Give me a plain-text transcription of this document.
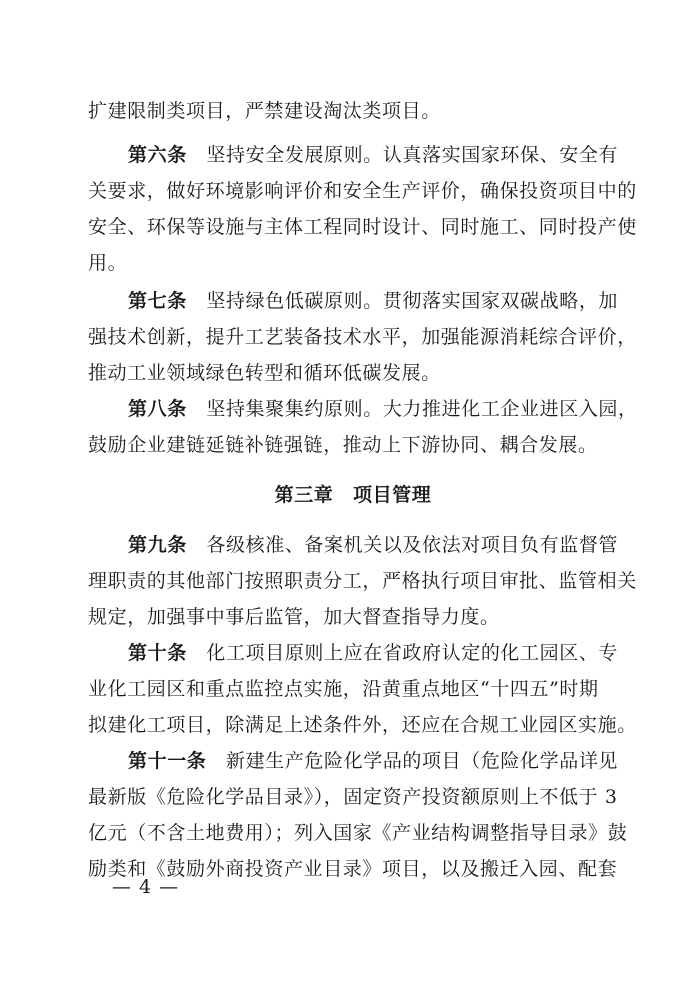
扩建限制类项目，严禁建设淘汰类项目。
第六条　 坚持安全发展原则。认真落实国家环保、安全有
关要求，做好环境影响评价和安全生产评价，确保投资项目中的
安全、环保等设施与主体工程同时设计、同时施工、同时投产使
用。
第七条　 坚持绿色低碳原则。贯彻落实国家双碳战略，加
强技术创新，提升工艺装备技术水平，加强能源消耗综合评价，
推动工业领域绿色转型和循环低碳发展。
第八条　 坚持集聚集约原则。大力推进化工企业进区入园，
鼓励企业建链延链补链强链，推动上下游协同、耦合发展。
第三章　项目管理
第九条　 各级核准、备案机关以及依法对项目负有监督管
理职责的其他部门按照职责分工，严格执行项目审批、监管相关
规定，加强事中事后监管，加大督查指导力度。
第十条　 化工项目原则上应在省政府认定的化工园区、专
业化工园区和重点监控点实施，沿黄重点地区“十四五”时期
拟建化工项目，除满足上述条件外，还应在合规工业园区实施。
第十一条　 新建生产危险化学品的项目（危险化学品详见
最新版《危险化学品目录》），固定资产投资额原则上不低于 3
亿元（不含土地费用）；列入国家《产业结构调整指导目录》鼓
励类和《鼓励外商投资产业目录》项目，以及搬迁入园、配套
— 4 —
